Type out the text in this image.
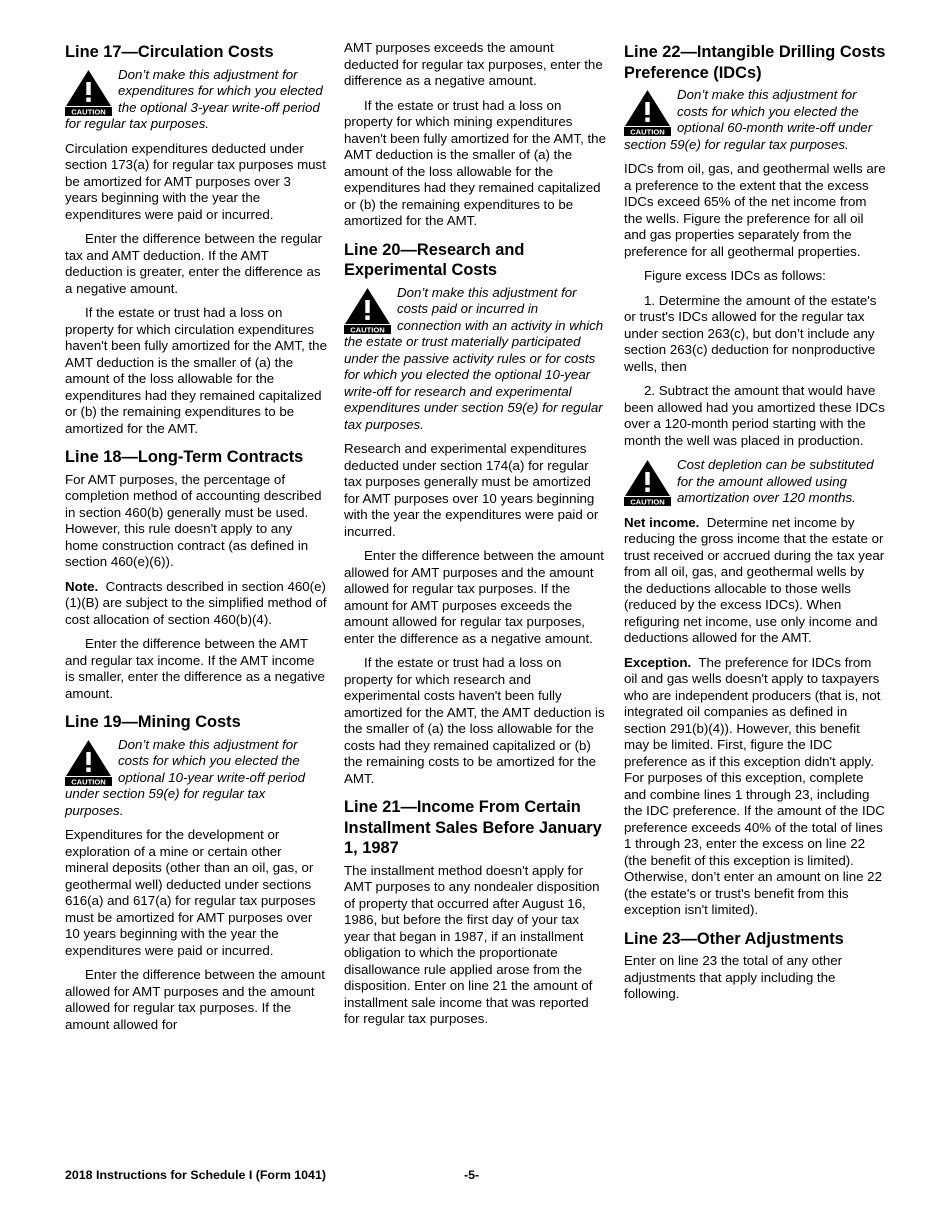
Line 17—Circulation Costs
CAUTION
Don’t make this adjustment for expenditures for which you elected the optional 3-year write-off period for regular tax purposes.

Circulation expenditures deducted under section 173(a) for regular tax purposes must be amortized for AMT purposes over 3 years beginning with the year the expenditures were paid or incurred.

Enter the difference between the regular tax and AMT deduction. If the AMT deduction is greater, enter the difference as a negative amount.

If the estate or trust had a loss on property for which circulation expenditures haven't been fully amortized for the AMT, the AMT deduction is the smaller of (a) the amount of the loss allowable for the expenditures had they remained capitalized or (b) the remaining expenditures to be amortized for the AMT.

Line 18—Long-Term Contracts

For AMT purposes, the percentage of completion method of accounting described in section 460(b) generally must be used. However, this rule doesn't apply to any home construction contract (as defined in section 460(e)(6)).

Note. Contracts described in section 460(e)(1)(B) are subject to the simplified method of cost allocation of section 460(b)(4).

Enter the difference between the AMT and regular tax income. If the AMT income is smaller, enter the difference as a negative amount.

Line 19—Mining Costs
CAUTION
Don’t make this adjustment for costs for which you elected the optional 10-year write-off period under section 59(e) for regular tax purposes.

Expenditures for the development or exploration of a mine or certain other mineral deposits (other than an oil, gas, or geothermal well) deducted under sections 616(a) and 617(a) for regular tax purposes must be amortized for AMT purposes over 10 years beginning with the year the expenditures were paid or incurred.

Enter the difference between the amount allowed for AMT purposes and the amount allowed for regular tax purposes. If the amount allowed for

AMT purposes exceeds the amount deducted for regular tax purposes, enter the difference as a negative amount.

If the estate or trust had a loss on property for which mining expenditures haven't been fully amortized for the AMT, the AMT deduction is the smaller of (a) the amount of the loss allowable for the expenditures had they remained capitalized or (b) the remaining expenditures to be amortized for the AMT.

Line 20—Research and Experimental Costs
CAUTION
Don’t make this adjustment for costs paid or incurred in connection with an activity in which the estate or trust materially participated under the passive activity rules or for costs for which you elected the optional 10-year write-off for research and experimental expenditures under section 59(e) for regular tax purposes.

Research and experimental expenditures deducted under section 174(a) for regular tax purposes generally must be amortized for AMT purposes over 10 years beginning with the year the expenditures were paid or incurred.

Enter the difference between the amount allowed for AMT purposes and the amount allowed for regular tax purposes. If the amount for AMT purposes exceeds the amount allowed for regular tax purposes, enter the difference as a negative amount.

If the estate or trust had a loss on property for which research and experimental costs haven't been fully amortized for the AMT, the AMT deduction is the smaller of (a) the loss allowable for the costs had they remained capitalized or (b) the remaining costs to be amortized for the AMT.

Line 21—Income From Certain Installment Sales Before January 1, 1987

The installment method doesn't apply for AMT purposes to any nondealer disposition of property that occurred after August 16, 1986, but before the first day of your tax year that began in 1987, if an installment obligation to which the proportionate disallowance rule applied arose from the disposition. Enter on line 21 the amount of installment sale income that was reported for regular tax purposes.

Line 22—Intangible Drilling Costs Preference (IDCs)
CAUTION
Don’t make this adjustment for costs for which you elected the optional 60-month write-off under section 59(e) for regular tax purposes.

IDCs from oil, gas, and geothermal wells are a preference to the extent that the excess IDCs exceed 65% of the net income from the wells. Figure the preference for all oil and gas properties separately from the preference for all geothermal properties.

Figure excess IDCs as follows:

1. Determine the amount of the estate's or trust's IDCs allowed for the regular tax under section 263(c), but don’t include any section 263(c) deduction for nonproductive wells, then

2. Subtract the amount that would have been allowed had you amortized these IDCs over a 120-month period starting with the month the well was placed in production.

CAUTION
Cost depletion can be substituted for the amount allowed using amortization over 120 months.

Net income. Determine net income by reducing the gross income that the estate or trust received or accrued during the tax year from all oil, gas, and geothermal wells by the deductions allocable to those wells (reduced by the excess IDCs). When refiguring net income, use only income and deductions allowed for the AMT.

Exception. The preference for IDCs from oil and gas wells doesn't apply to taxpayers who are independent producers (that is, not integrated oil companies as defined in section 291(b)(4)). However, this benefit may be limited. First, figure the IDC preference as if this exception didn't apply. For purposes of this exception, complete and combine lines 1 through 23, including the IDC preference. If the amount of the IDC preference exceeds 40% of the total of lines 1 through 23, enter the excess on line 22 (the benefit of this exception is limited). Otherwise, don’t enter an amount on line 22 (the estate's or trust's benefit from this exception isn't limited).

Line 23—Other Adjustments

Enter on line 23 the total of any other adjustments that apply including the following.

2018 Instructions for Schedule I (Form 1041)	-5-
